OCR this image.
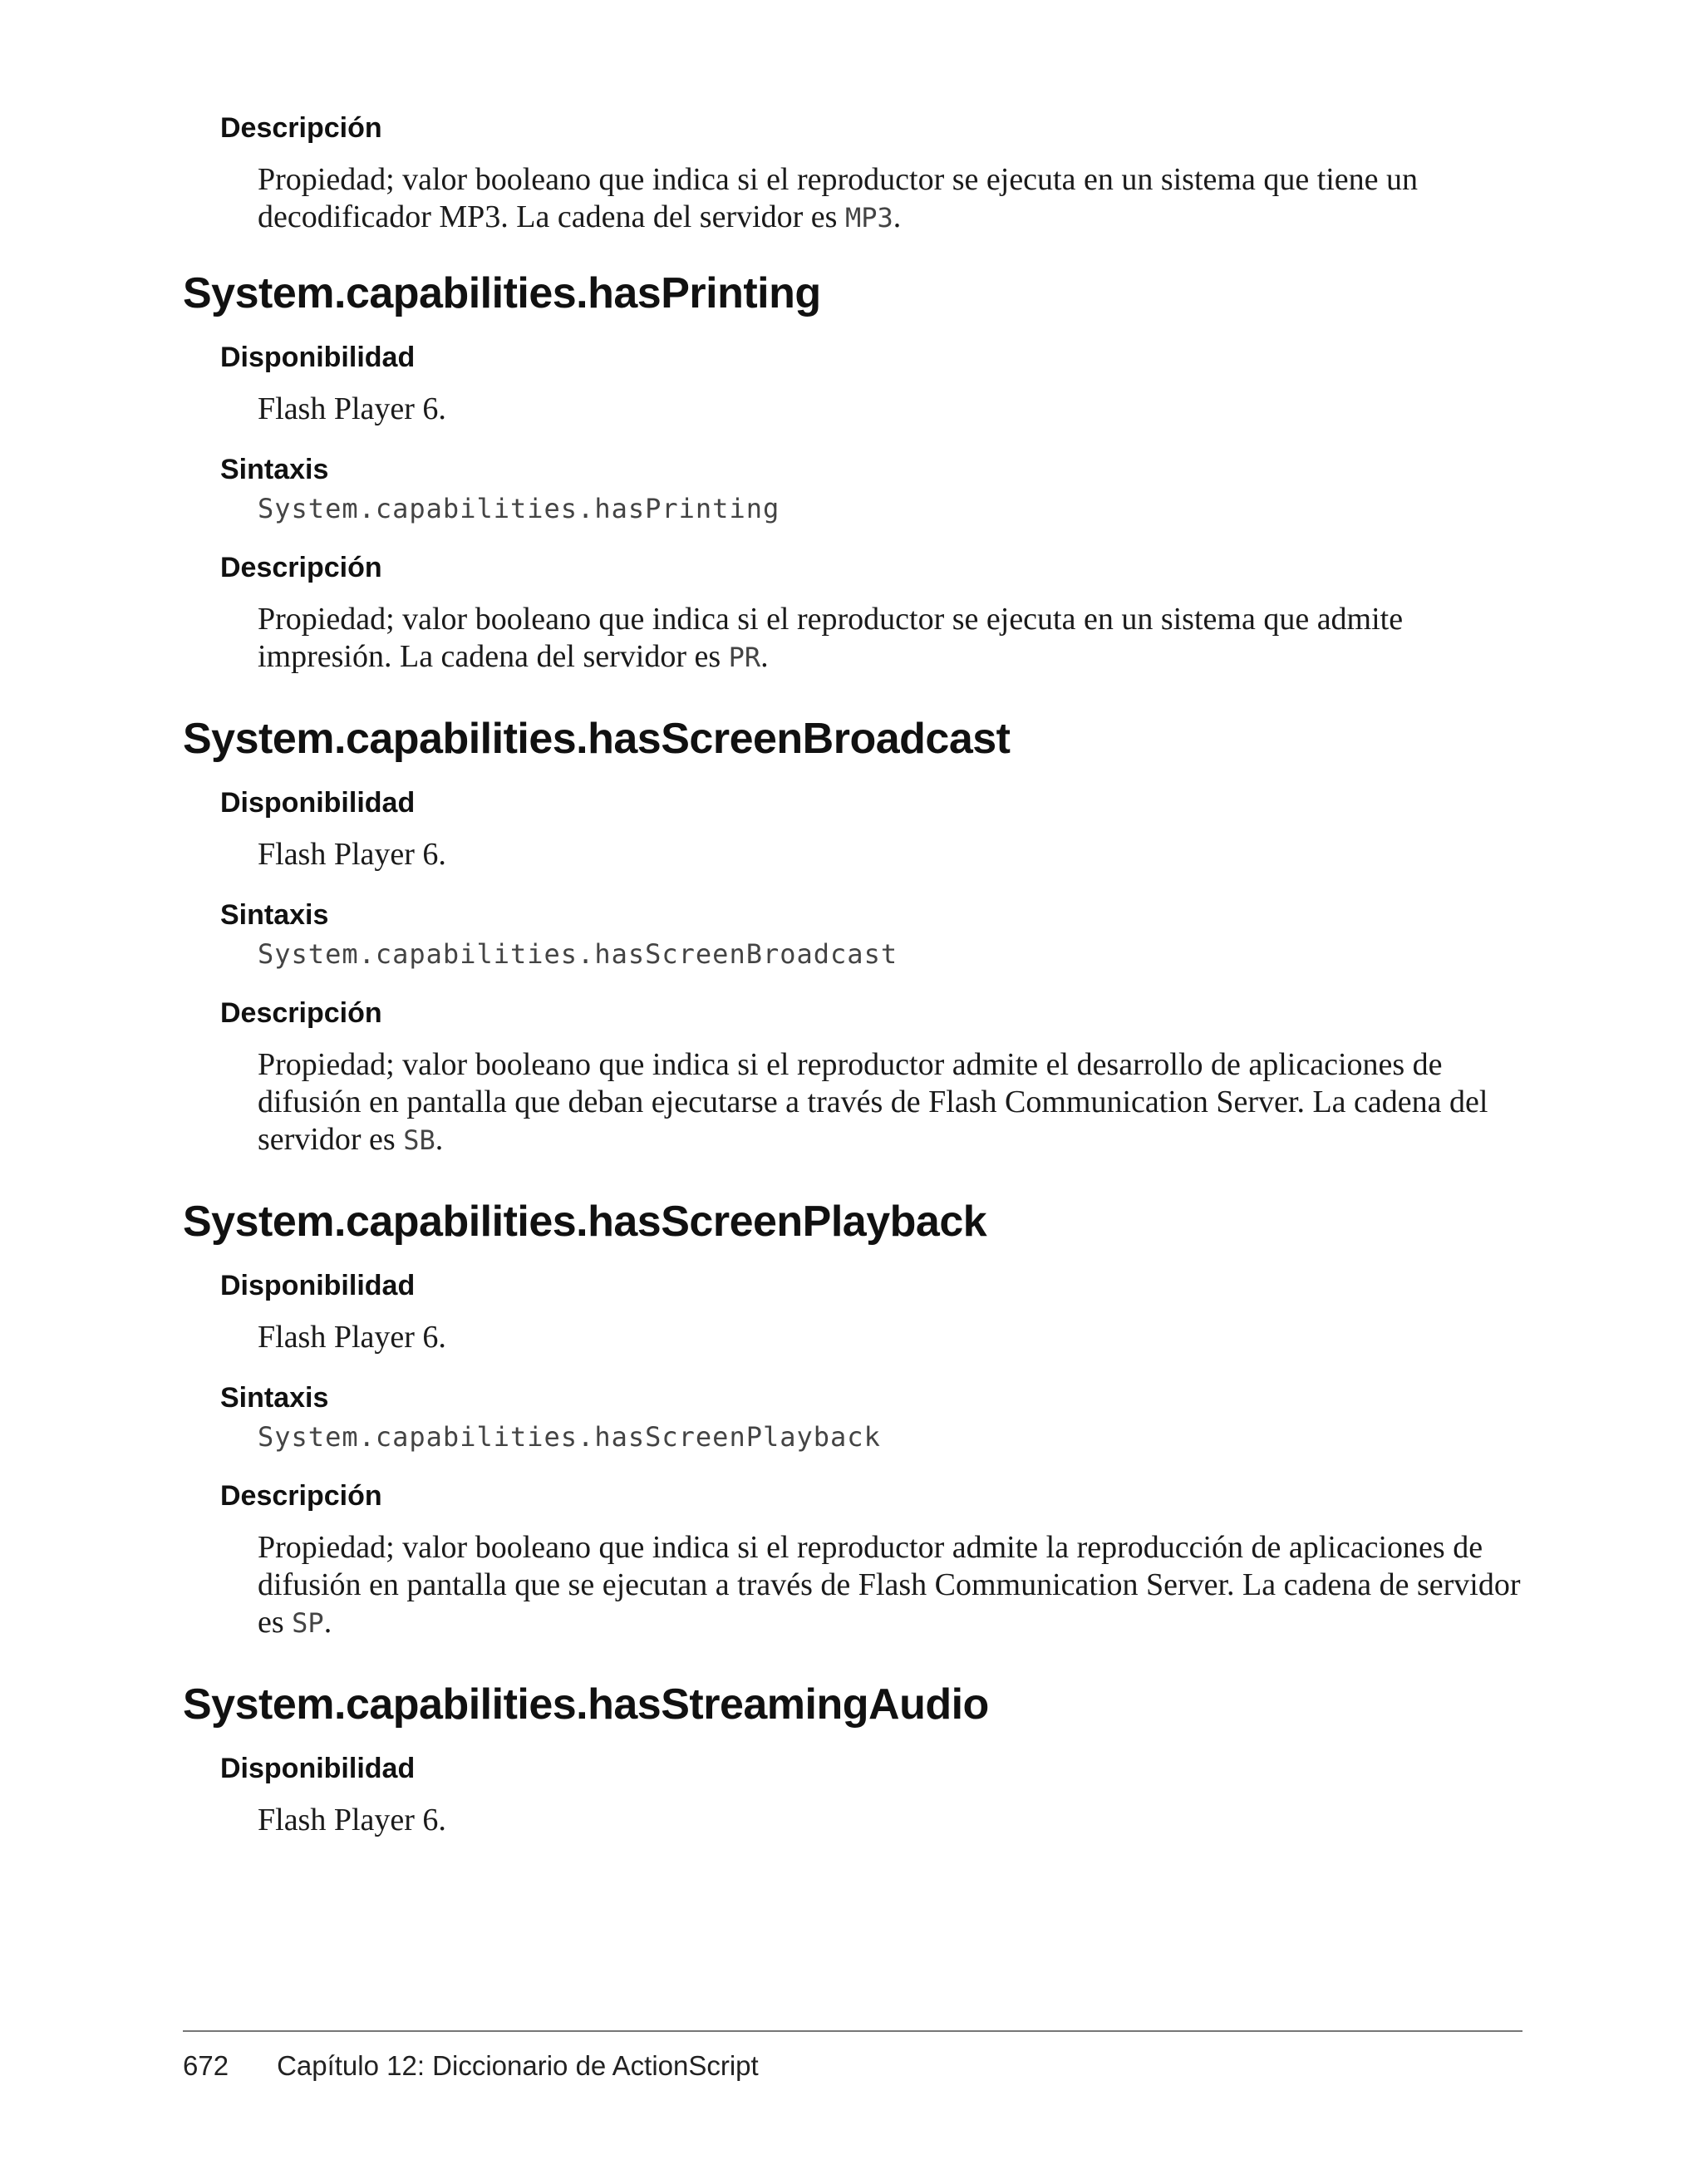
Descripción
Propiedad; valor booleano que indica si el reproductor se ejecuta en un sistema que tiene un decodificador MP3. La cadena del servidor es MP3.
System.capabilities.hasPrinting
Disponibilidad
Flash Player 6.
Sintaxis
System.capabilities.hasPrinting
Descripción
Propiedad; valor booleano que indica si el reproductor se ejecuta en un sistema que admite impresión. La cadena del servidor es PR.
System.capabilities.hasScreenBroadcast
Disponibilidad
Flash Player 6.
Sintaxis
System.capabilities.hasScreenBroadcast
Descripción
Propiedad; valor booleano que indica si el reproductor admite el desarrollo de aplicaciones de difusión en pantalla que deban ejecutarse a través de Flash Communication Server. La cadena del servidor es SB.
System.capabilities.hasScreenPlayback
Disponibilidad
Flash Player 6.
Sintaxis
System.capabilities.hasScreenPlayback
Descripción
Propiedad; valor booleano que indica si el reproductor admite la reproducción de aplicaciones de difusión en pantalla que se ejecutan a través de Flash Communication Server. La cadena de servidor es SP.
System.capabilities.hasStreamingAudio
Disponibilidad
Flash Player 6.
672 Capítulo 12: Diccionario de ActionScript
